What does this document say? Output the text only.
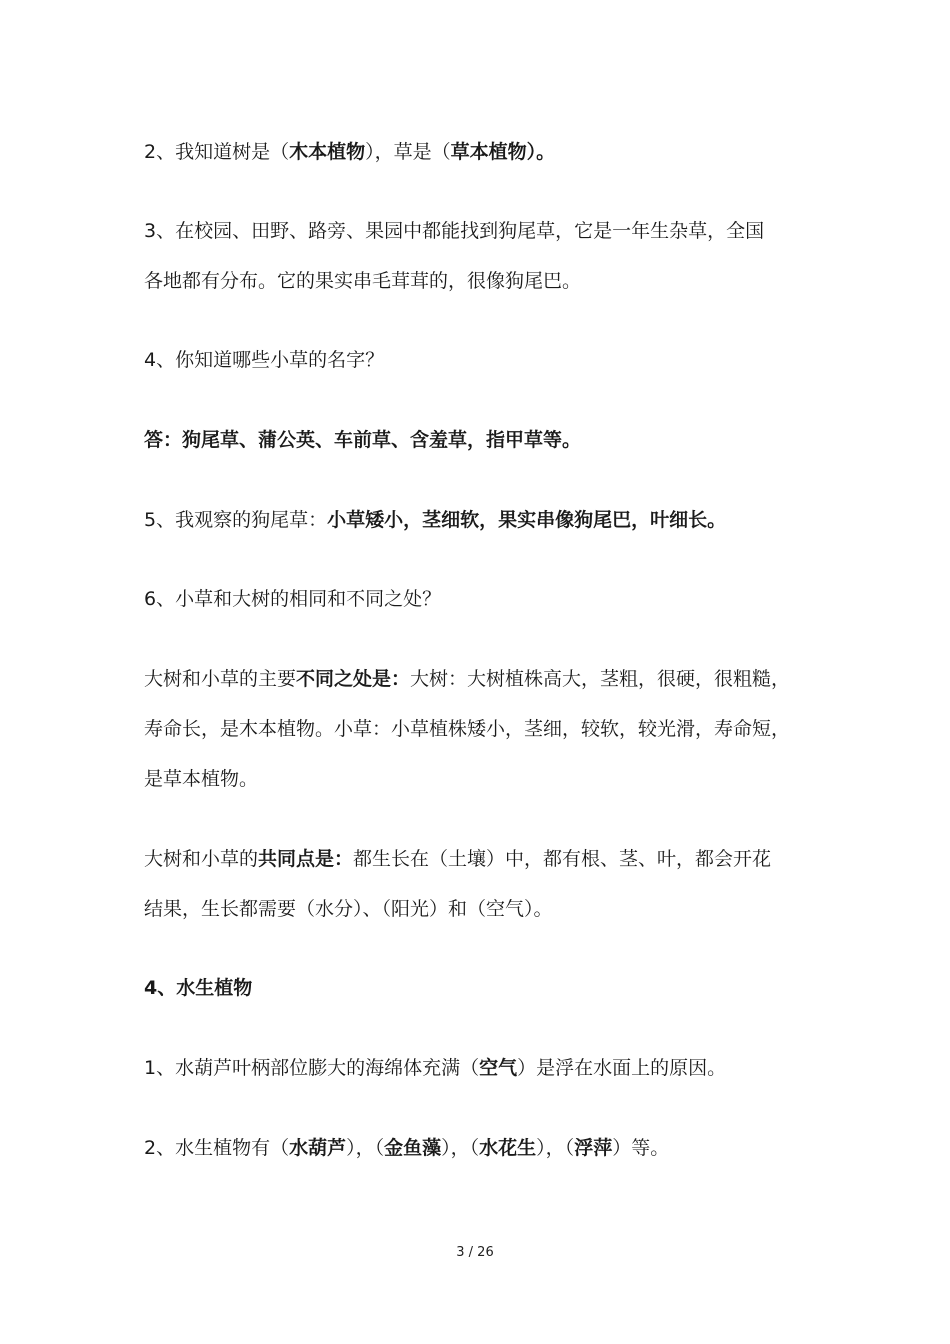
2、我知道树是（木本植物），草是（草本植物）。
3、在校园、田野、路旁、果园中都能找到狗尾草，它是一年生杂草，全国
各地都有分布。它的果实串毛茸茸的，很像狗尾巴。
4、你知道哪些小草的名字？
答：狗尾草、蒲公英、车前草、含羞草，指甲草等。
5、我观察的狗尾草：小草矮小，茎细软，果实串像狗尾巴，叶细长。
6、小草和大树的相同和不同之处？
大树和小草的主要不同之处是：大树：大树植株高大，茎粗，很硬，很粗糙，
寿命长，是木本植物。小草：小草植株矮小，茎细，较软，较光滑，寿命短，
是草本植物。
大树和小草的共同点是：都生长在（土壤）中，都有根、茎、叶，都会开花
结果，生长都需要（水分）、（阳光）和（空气）。
4、水生植物
1、水葫芦叶柄部位膨大的海绵体充满（空气）是浮在水面上的原因。
2、水生植物有（水葫芦），（金鱼藻），（水花生），（浮萍）等。
3 / 26
